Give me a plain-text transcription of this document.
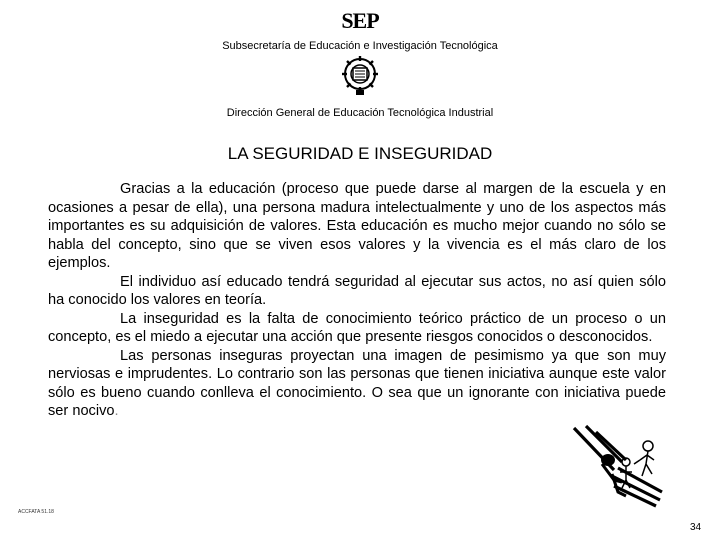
SEP
Subsecretaría de Educación e Investigación Tecnológica
Dirección General de Educación Tecnológica Industrial
LA SEGURIDAD E INSEGURIDAD

Gracias a la educación (proceso que puede darse al margen de la escuela y en ocasiones a pesar de ella), una persona madura intelectualmente y uno de los aspectos más importantes es su adquisición de valores. Esta educación es mucho mejor cuando no sólo se habla del concepto, sino que se viven esos valores y la vivencia es el más claro de los ejemplos.

El individuo así educado tendrá seguridad al ejecutar sus actos, no así quien sólo ha conocido los valores en teoría.

La inseguridad es la falta de conocimiento teórico práctico de un proceso o un concepto, es el miedo a ejecutar una acción que presente riesgos conocidos o desconocidos.

Las personas inseguras proyectan una imagen de pesimismo ya que son muy nerviosas e imprudentes. Lo contrario son las personas que tienen iniciativa aunque este valor sólo es bueno cuando conlleva el conocimiento. O sea que un ignorante con iniciativa puede ser nocivo.

ACCFATA 51.18
34
